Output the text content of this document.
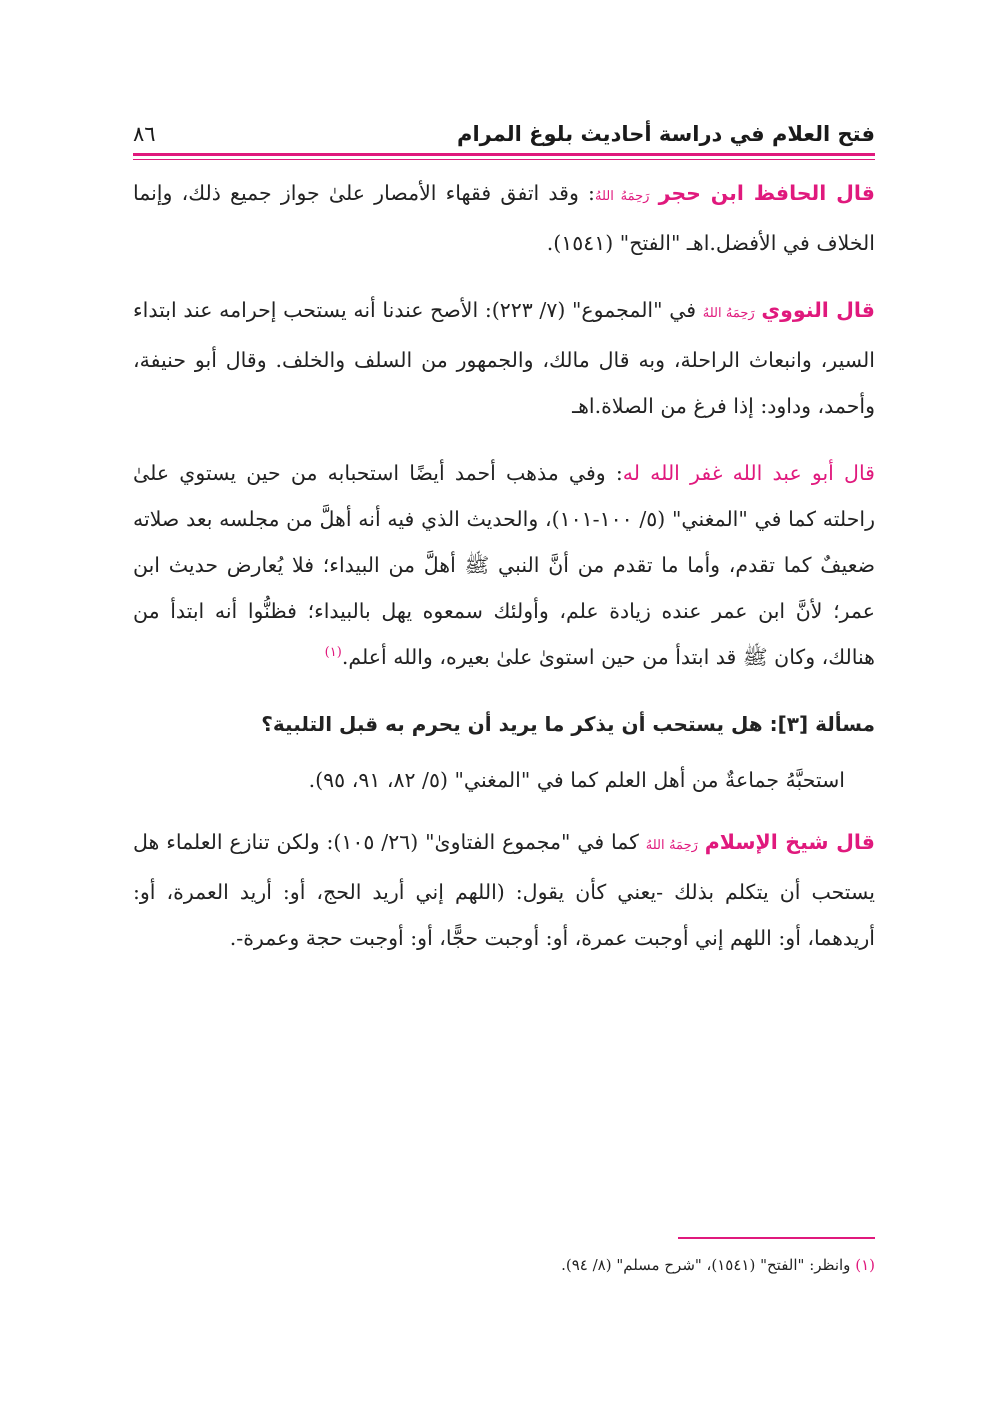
فتح العلام في دراسة أحاديث بلوغ المرام
٨٦

قال الحافظ ابن حجر رَحِمَهُ اللهُ: وقد اتفق فقهاء الأمصار علىٰ جواز جميع ذلك، وإنما الخلاف في الأفضل.اهـ "الفتح" (١٥٤١).

قال النووي رَحِمَهُ اللهُ في "المجموع" (٧/ ٢٢٣): الأصح عندنا أنه يستحب إحرامه عند ابتداء السير، وانبعاث الراحلة، وبه قال مالك، والجمهور من السلف والخلف. وقال أبو حنيفة، وأحمد، وداود: إذا فرغ من الصلاة.اهـ

قال أبو عبد الله غفر الله له: وفي مذهب أحمد أيضًا استحبابه من حين يستوي علىٰ راحلته كما في "المغني" (٥/ ١٠٠-١٠١)، والحديث الذي فيه أنه أهلَّ من مجلسه بعد صلاته ضعيفٌ كما تقدم، وأما ما تقدم من أنَّ النبي ﷺ أهلَّ من البيداء؛ فلا يُعارض حديث ابن عمر؛ لأنَّ ابن عمر عنده زيادة علم، وأولئك سمعوه يهل بالبيداء؛ فظنُّوا أنه ابتدأ من هنالك، وكان ﷺ قد ابتدأ من حين استوىٰ علىٰ بعيره، والله أعلم.$^{(١)}$

مسألة [٣]: هل يستحب أن يذكر ما يريد أن يحرم به قبل التلبية؟

استحبَّهُ جماعةٌ من أهل العلم كما في "المغني" (٥/ ٨٢، ٩١، ٩٥).

قال شيخ الإسلام رَحِمَهُ اللهُ كما في "مجموع الفتاوىٰ" (٢٦/ ١٠٥): ولكن تنازع العلماء هل يستحب أن يتكلم بذلك -يعني كأن يقول: (اللهم إني أريد الحج، أو: أريد العمرة، أو: أريدهما، أو: اللهم إني أوجبت عمرة، أو: أوجبت حجًّا، أو: أوجبت حجة وعمرة-.

(١) وانظر: "الفتح" (١٥٤١)، "شرح مسلم" (٨/ ٩٤).
